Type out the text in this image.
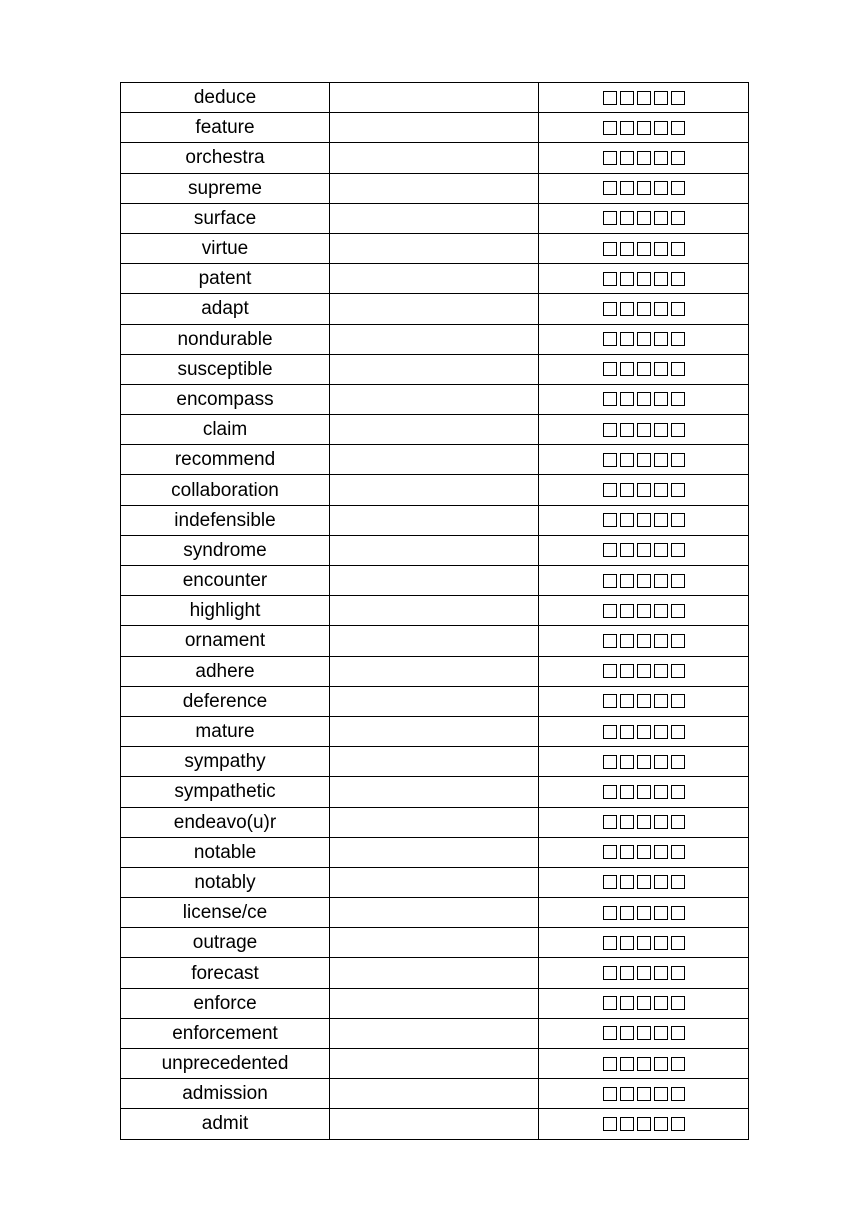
deduce		

feature		

orchestra		

supreme		

surface		

virtue		

patent		

adapt		

nondurable		

susceptible		

encompass		

claim		

recommend		

collaboration		

indefensible		

syndrome		

encounter		

highlight		

ornament		

adhere		

deference		

mature		

sympathy		

sympathetic		

endeavo(u)r		

notable		

notably		

license/ce		

outrage		

forecast		

enforce		

enforcement		

unprecedented		

admission		

admit		
